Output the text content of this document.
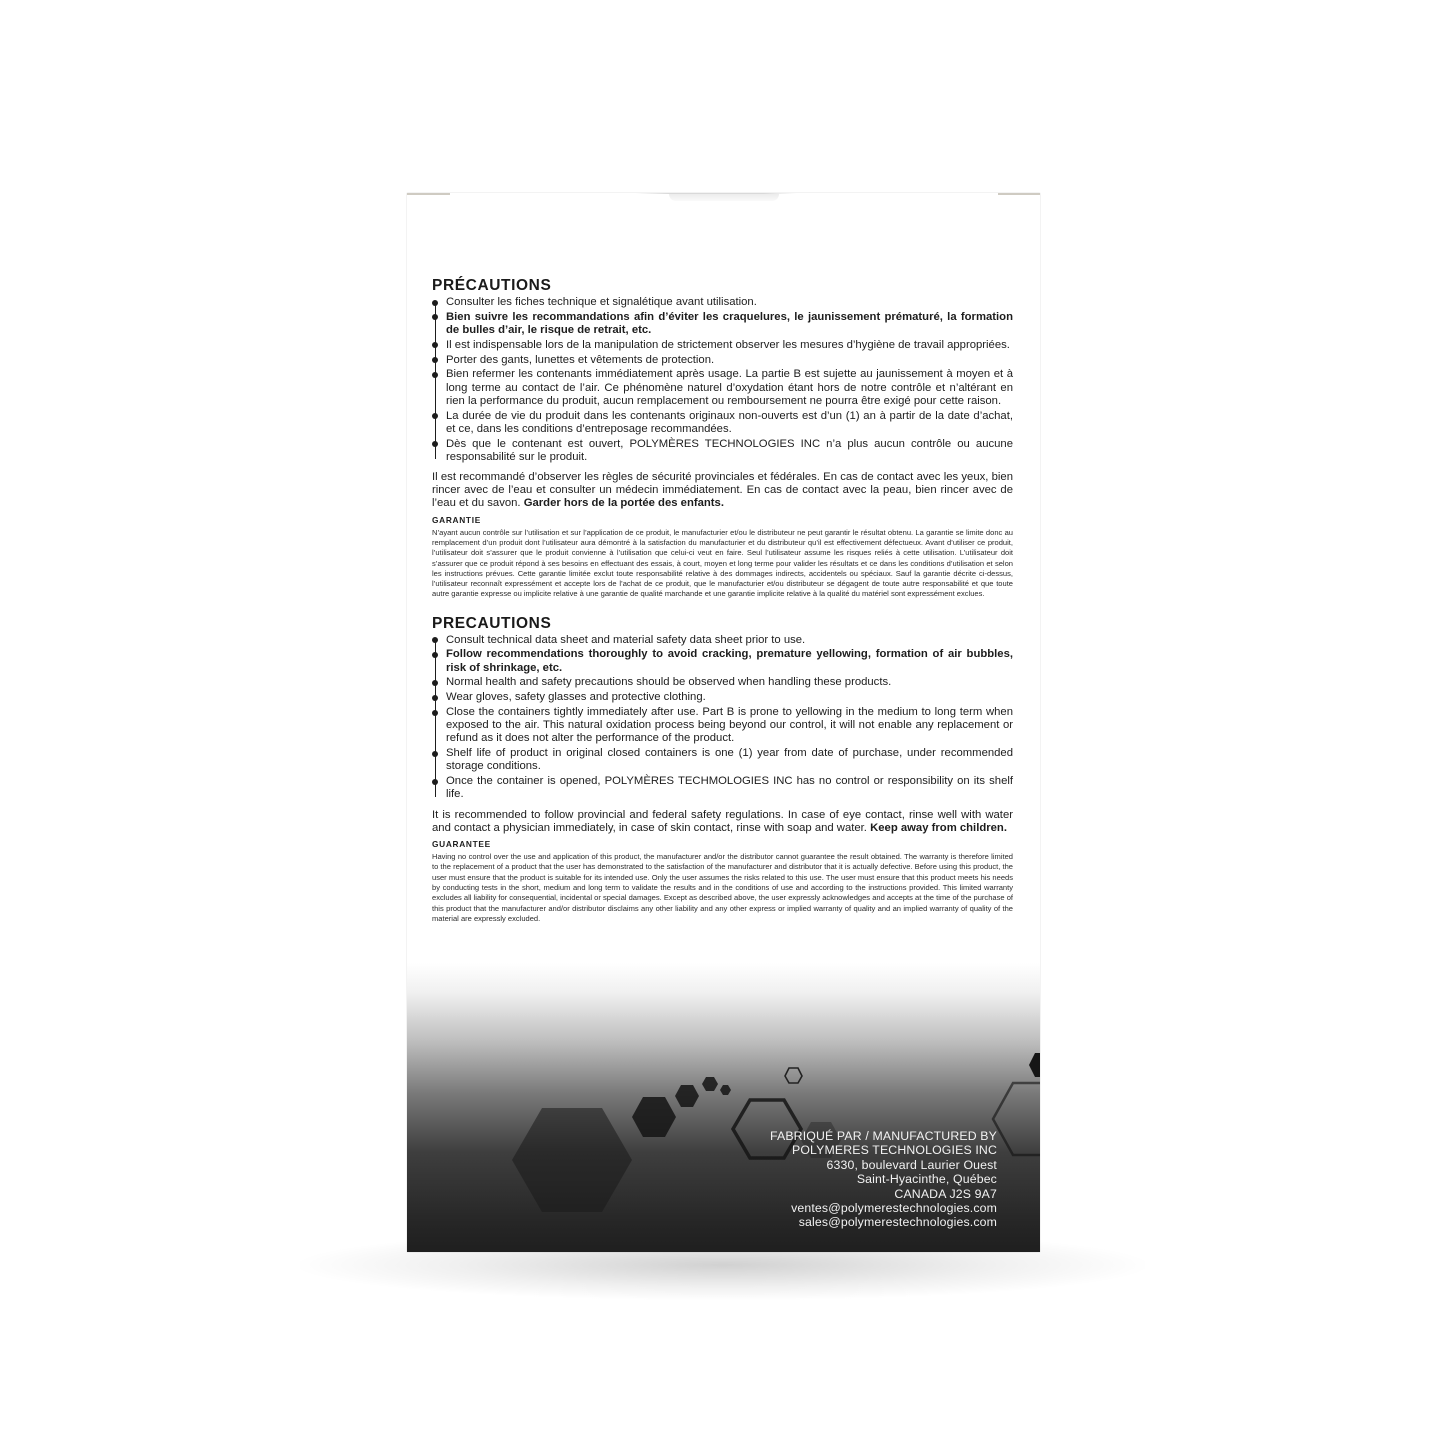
PRÉCAUTIONS
Consulter les fiches technique et signalétique avant utilisation.
Bien suivre les recommandations afin d’éviter les craquelures, le jaunissement prématuré, la formation de bulles d’air, le risque de retrait, etc.
Il est indispensable lors de la manipulation de strictement observer les mesures d’hygiène de travail appropriées.
Porter des gants, lunettes et vêtements de protection.
Bien refermer les contenants immédiatement après usage. La partie B est sujette au jaunissement à moyen et à long terme au contact de l’air. Ce phénomène naturel d’oxydation étant hors de notre contrôle et n’altérant en rien la performance du produit, aucun remplacement ou remboursement ne pourra être exigé pour cette raison.
La durée de vie du produit dans les contenants originaux non-ouverts est d’un (1) an à partir de la date d’achat, et ce, dans les conditions d’entreposage recommandées.
Dès que le contenant est ouvert, POLYMÈRES TECHNOLOGIES INC n’a plus aucun contrôle ou aucune responsabilité sur le produit.

Il est recommandé d’observer les règles de sécurité provinciales et fédérales. En cas de contact avec les yeux, bien rincer avec de l’eau et consulter un médecin immédiatement. En cas de contact avec la peau, bien rincer avec de l’eau et du savon. Garder hors de la portée des enfants.

GARANTIE

N’ayant aucun contrôle sur l’utilisation et sur l’application de ce produit, le manufacturier et/ou le distributeur ne peut garantir le résultat obtenu. La garantie se limite donc au remplacement d’un produit dont l’utilisateur aura démontré à la satisfaction du manufacturier et du distributeur qu’il est effectivement défectueux. Avant d’utiliser ce produit, l’utilisateur doit s’assurer que le produit convienne à l’utilisation que celui-ci veut en faire. Seul l’utilisateur assume les risques reliés à cette utilisation. L’utilisateur doit s’assurer que ce produit répond à ses besoins en effectuant des essais, à court, moyen et long terme pour valider les résultats et ce dans les conditions d’utilisation et selon les instructions prévues. Cette garantie limitée exclut toute responsabilité relative à des dommages indirects, accidentels ou spéciaux. Sauf la garantie décrite ci-dessus, l’utilisateur reconnaît expressément et accepte lors de l’achat de ce produit, que le manufacturier et/ou distributeur se dégagent de toute autre responsabilité et que toute autre garantie expresse ou implicite relative à une garantie de qualité marchande et une garantie implicite relative à la qualité du matériel sont expressément exclues.

PRECAUTIONS
Consult technical data sheet and material safety data sheet prior to use.
Follow recommendations thoroughly to avoid cracking, premature yellowing, formation of air bubbles, risk of shrinkage, etc.
Normal health and safety precautions should be observed when handling these products.
Wear gloves, safety glasses and protective clothing.
Close the containers tightly immediately after use. Part B is prone to yellowing in the medium to long term when exposed to the air. This natural oxidation process being beyond our control, it will not enable any replacement or refund as it does not alter the performance of the product.
Shelf life of product in original closed containers is one (1) year from date of purchase, under recommended storage conditions.
Once the container is opened, POLYMÈRES TECHMOLOGIES INC has no control or responsibility on its shelf life.

It is recommended to follow provincial and federal safety regulations. In case of eye contact, rinse well with water and contact a physician immediately, in case of skin contact, rinse with soap and water. Keep away from children.

GUARANTEE

Having no control over the use and application of this product, the manufacturer and/or the distributor cannot guarantee the result obtained. The warranty is therefore limited to the replacement of a product that the user has demonstrated to the satisfaction of the manufacturer and distributor that it is actually defective. Before using this product, the user must ensure that the product is suitable for its intended use. Only the user assumes the risks related to this use. The user must ensure that this product meets his needs by conducting tests in the short, medium and long term to validate the results and in the conditions of use and according to the instructions provided. This limited warranty excludes all liability for consequential, incidental or special damages. Except as described above, the user expressly acknowledges and accepts at the time of the purchase of this product that the manufacturer and/or distributor disclaims any other liability and any other express or implied warranty of quality and an implied warranty of quality of the material are expressly excluded.

FABRIQUÉ PAR / MANUFACTURED BY
POLYMERES TECHNOLOGIES INC
6330, boulevard Laurier Ouest
Saint-Hyacinthe, Québec
CANADA J2S 9A7
ventes@polymerestechnologies.com
sales@polymerestechnologies.com
